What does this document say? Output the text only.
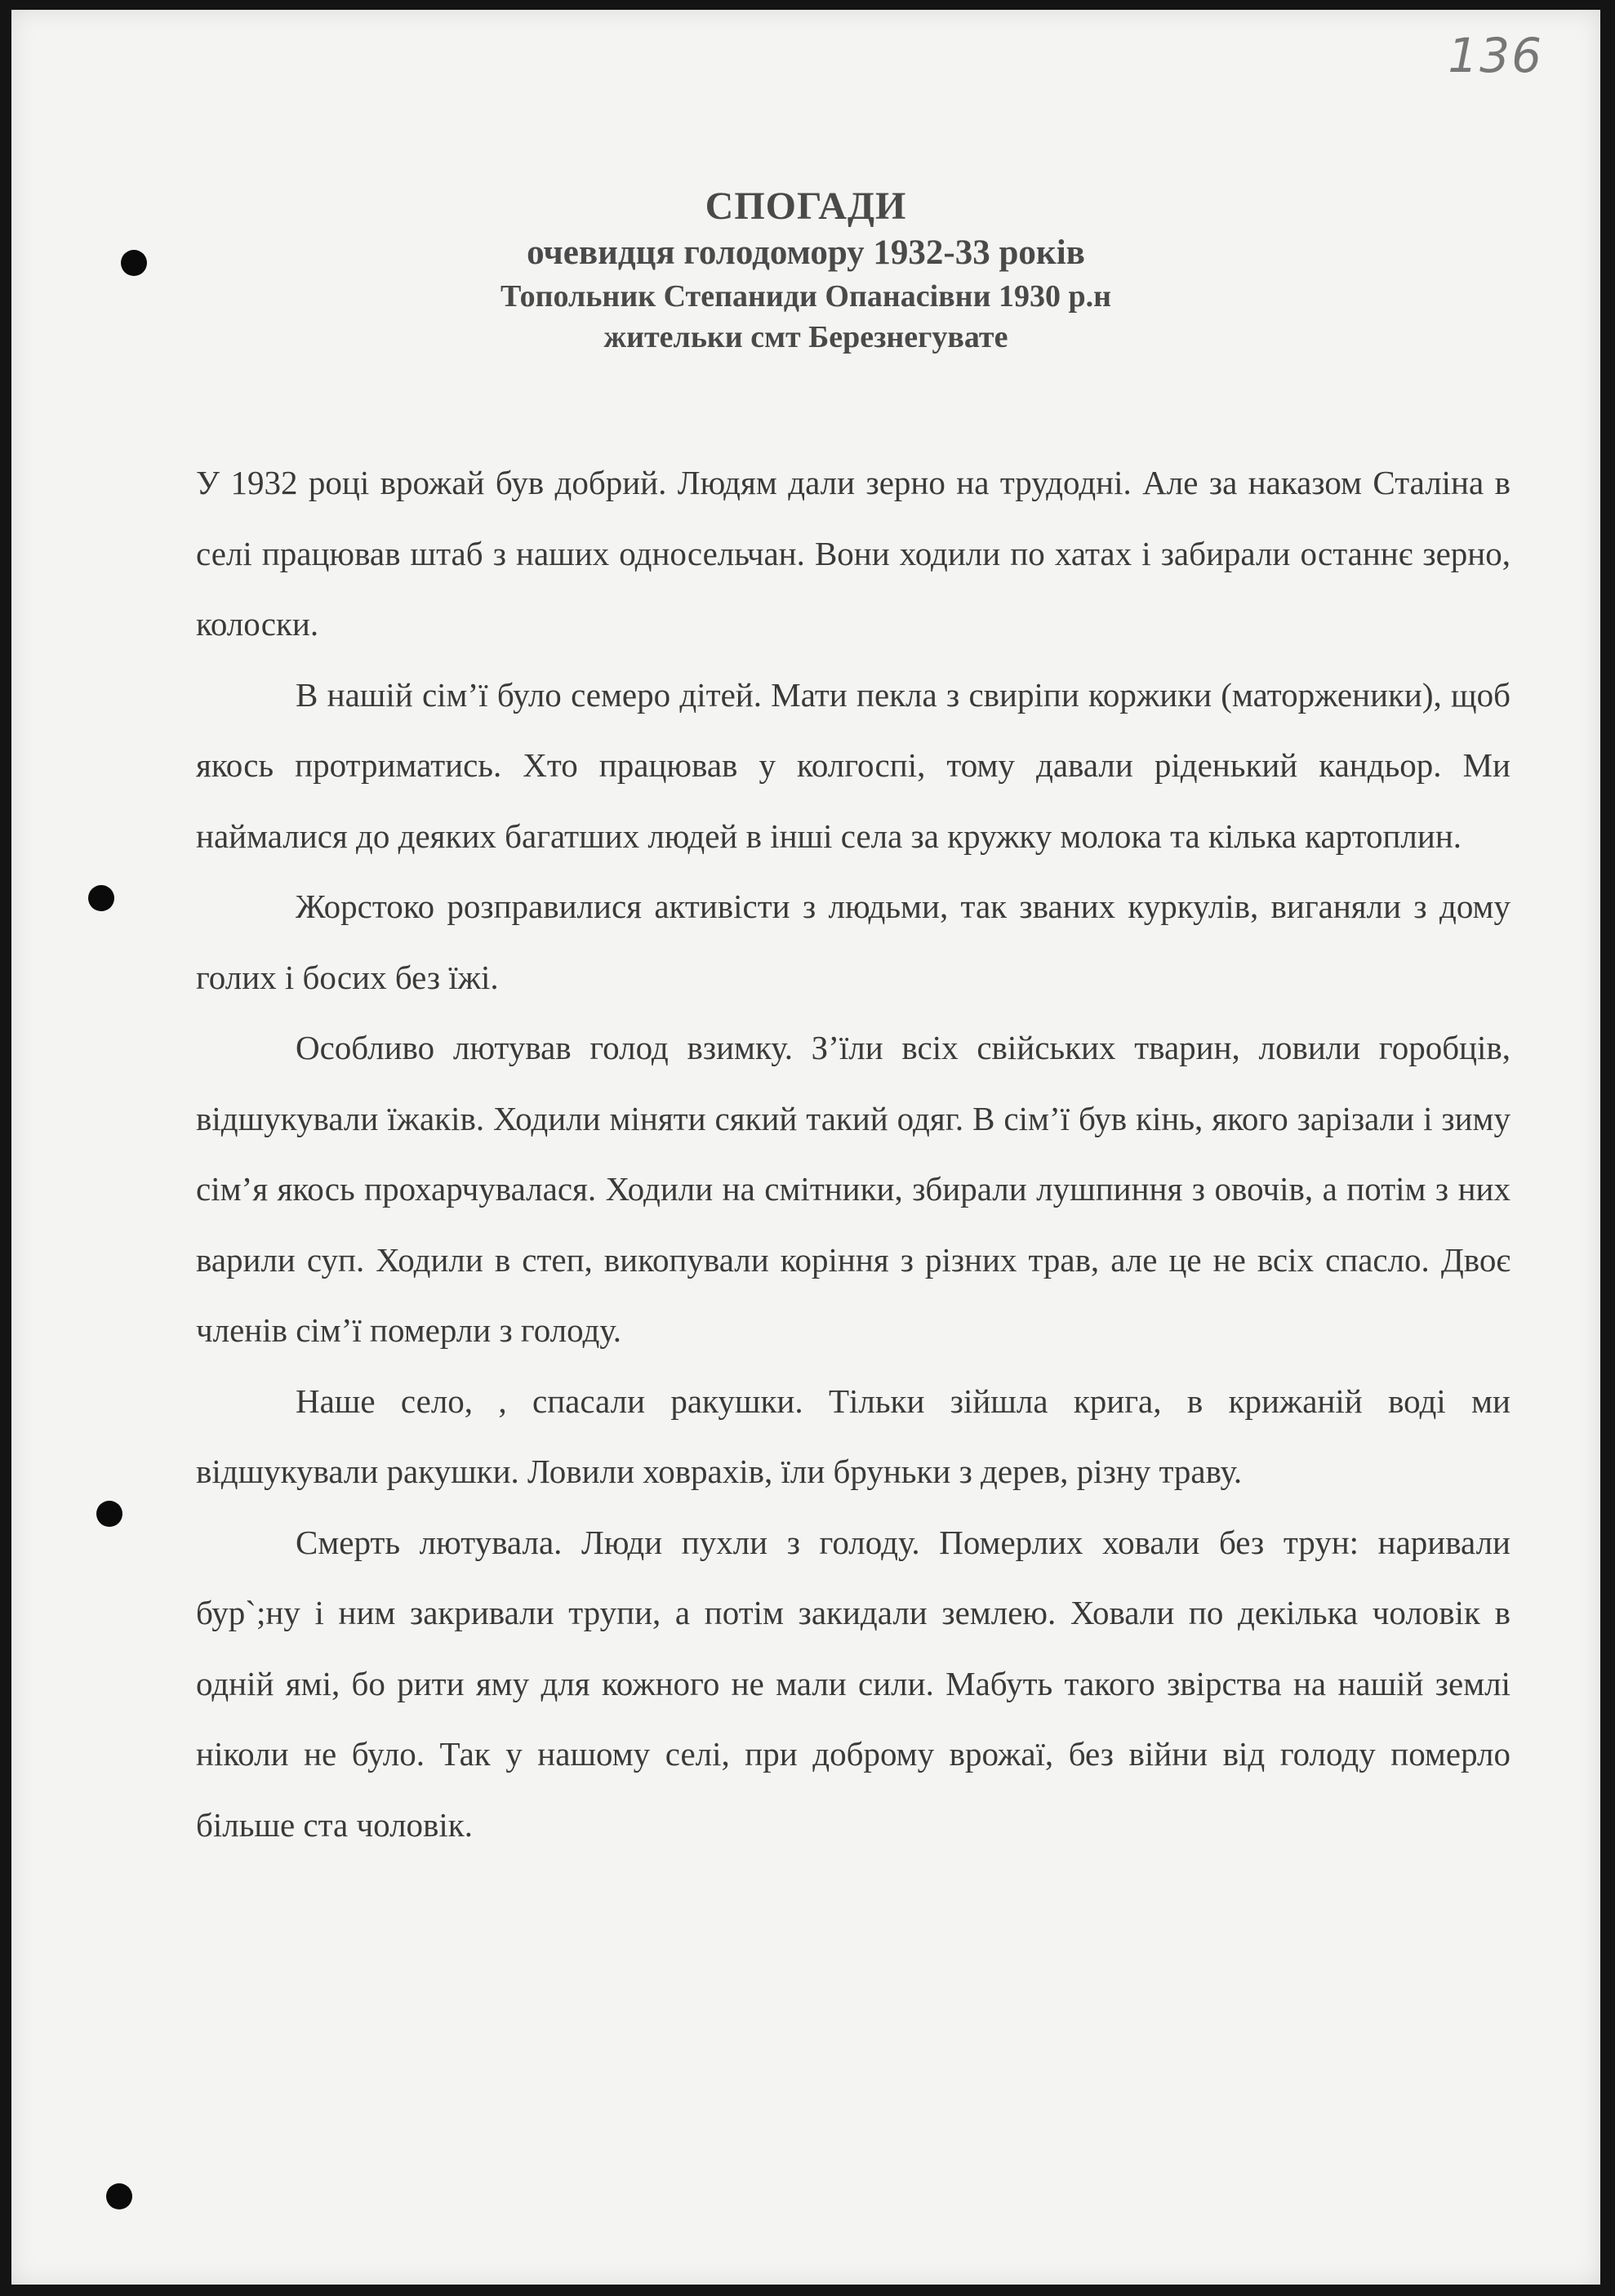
136
СПОГАДИ
очевидця голодомору 1932-33 років
Топольник Степаниди Опанасівни 1930 р.н
жительки смт Березнегувате

У 1932 році врожай був добрий. Людям дали зерно на трудодні. Але за наказом Сталіна в селі працював штаб з наших односельчан. Вони ходили по хатах і забирали останнє зерно, колоски.

В нашій сім’ї було семеро дітей. Мати пекла з свиріпи коржики (маторженики), щоб якось протриматись. Хто працював у колгоспі, тому давали ріденький кандьор. Ми наймалися до деяких багатших людей в інші села за кружку молока та кілька картоплин.

Жорстоко розправилися активісти з людьми, так званих куркулів, виганяли з дому голих і босих без їжі.

Особливо лютував голод взимку. З’їли всіх свійських тварин, ловили горобців, відшукували їжаків. Ходили міняти сякий такий одяг. В сім’ї був кінь, якого зарізали і зиму сім’я якось прохарчувалася. Ходили на смітники, збирали лушпиння з овочів, а потім з них варили суп. Ходили в степ, викопували коріння з різних трав, але це не всіх спасло. Двоє членів сім’ї померли з голоду.

Наше село, , спасали ракушки. Тільки зійшла крига, в крижаній воді ми відшукували ракушки. Ловили ховрахів, їли бруньки з дерев, різну траву.

Смерть лютувала. Люди пухли з голоду. Померлих ховали без трун: наривали бур`;ну і ним закривали трупи, а потім закидали землею. Ховали по декілька чоловік в одній ямі, бо рити яму для кожного не мали сили. Мабуть такого звірства на нашій землі ніколи не було. Так у нашому селі, при доброму врожаї, без війни від голоду померло більше ста чоловік.
